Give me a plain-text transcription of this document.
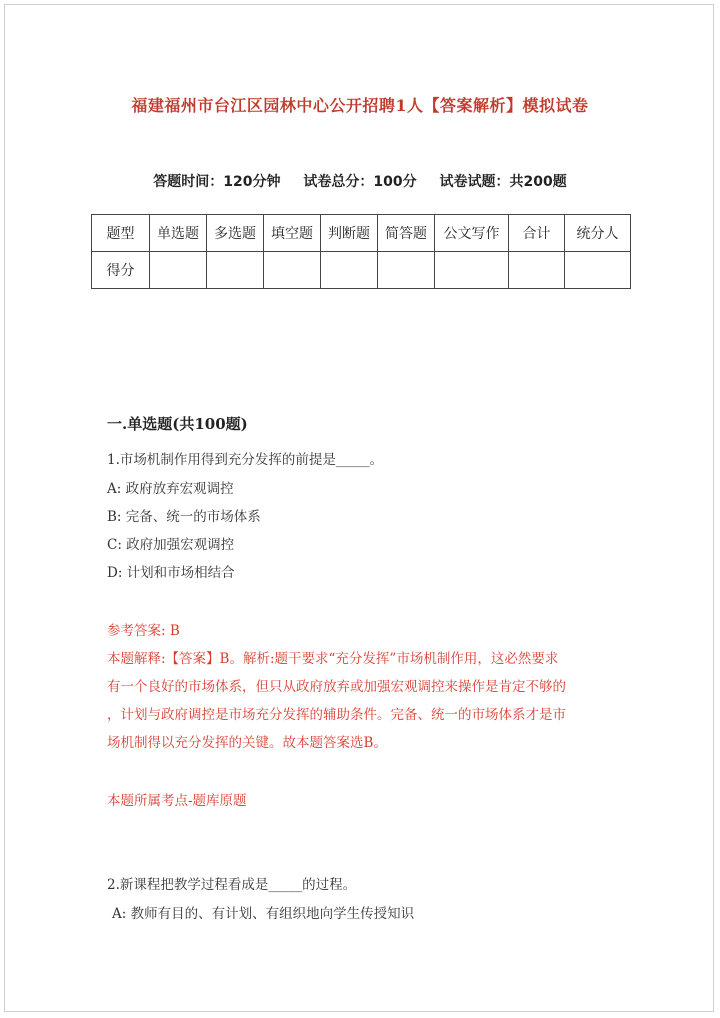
福建福州市台江区园林中心公开招聘1人【答案解析】模拟试卷
答题时间：120分钟 试卷总分：100分 试卷试题：共200题
题型	单选题	多选题	填空题	判断题	简答题	公文写作	合计	统分人
得分								
一.单选题(共100题)
1.市场机制作用得到充分发挥的前提是_____。
A: 政府放弃宏观调控
B: 完备、统一的市场体系
C: 政府加强宏观调控
D: 计划和市场相结合
参考答案: B
本题解释:【答案】B。解析:题干要求“充分发挥”市场机制作用，这必然要求
有一个良好的市场体系，但只从政府放弃或加强宏观调控来操作是肯定不够的
，计划与政府调控是市场充分发挥的辅助条件。完备、统一的市场体系才是市
场机制得以充分发挥的关键。故本题答案选B。
本题所属考点-题库原题
2.新课程把教学过程看成是_____的过程。
A: 教师有目的、有计划、有组织地向学生传授知识
